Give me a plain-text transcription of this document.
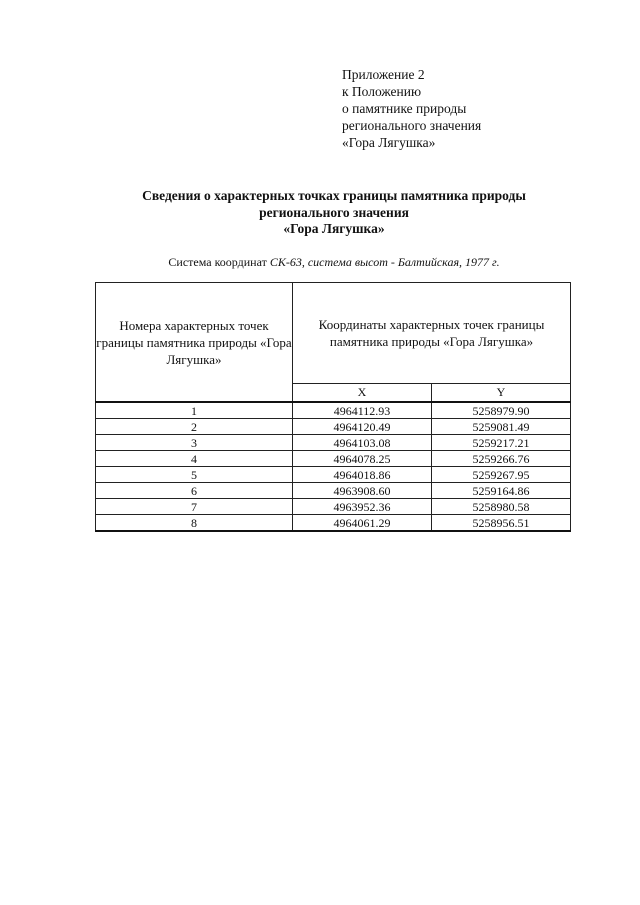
Приложение 2
к Положению
о памятнике природы
регионального значения
«Гора Лягушка»
Сведения о характерных точках границы памятника природы
регионального значения
«Гора Лягушка»
Система координат СК-63, система высот - Балтийская, 1977 г.
Номера характерных точек границы памятника природы «Гора Лягушка»	Координаты характерных точек границы памятника природы «Гора Лягушка»	
	X	Y
1	4964112.93	5258979.90
2	4964120.49	5259081.49
3	4964103.08	5259217.21
4	4964078.25	5259266.76
5	4964018.86	5259267.95
6	4963908.60	5259164.86
7	4963952.36	5258980.58
8	4964061.29	5258956.51
